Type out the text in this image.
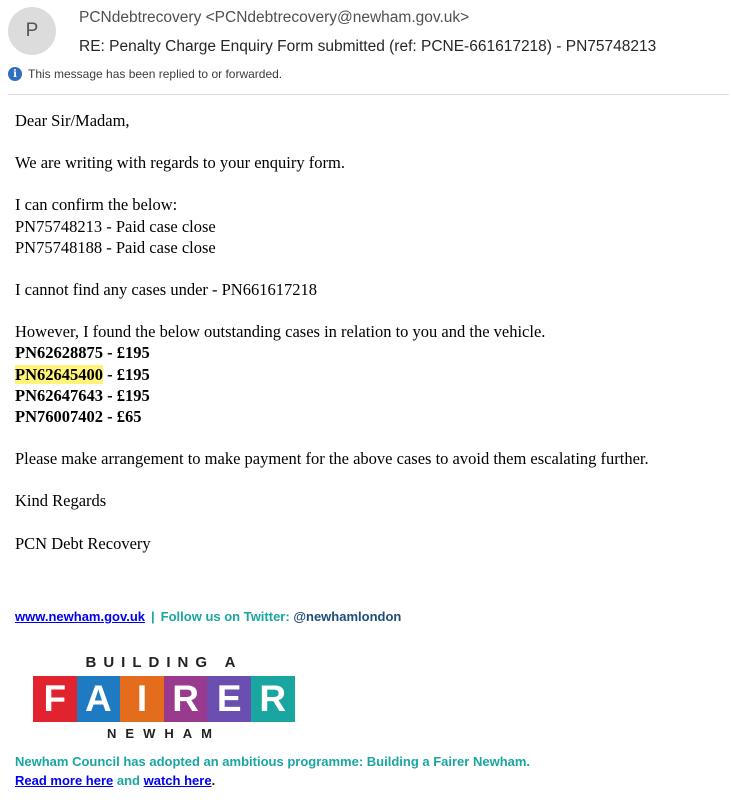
P
PCNdebtrecovery <PCNdebtrecovery@newham.gov.uk>
RE: Penalty Charge Enquiry Form submitted (ref: PCNE-661617218) - PN75748213
i This message has been replied to or forwarded.

Dear Sir/Madam,

We are writing with regards to your enquiry form.

I can confirm the below:

PN75748213 - Paid case close

PN75748188 - Paid case close

I cannot find any cases under - PN661617218

However, I found the below outstanding cases in relation to you and the vehicle.

PN62628875 - £195

PN62645400 - £195

PN62647643 - £195

PN76007402 - £65

Please make arrangement to make payment for the above cases to avoid them escalating further.

Kind Regards

PCN Debt Recovery

www.newham.gov.uk | Follow us on Twitter: @newhamlondon
BUILDING A
F A I R E R
NEWHAM
Newham Council has adopted an ambitious programme: Building a Fairer Newham.
Read more here and watch here.
